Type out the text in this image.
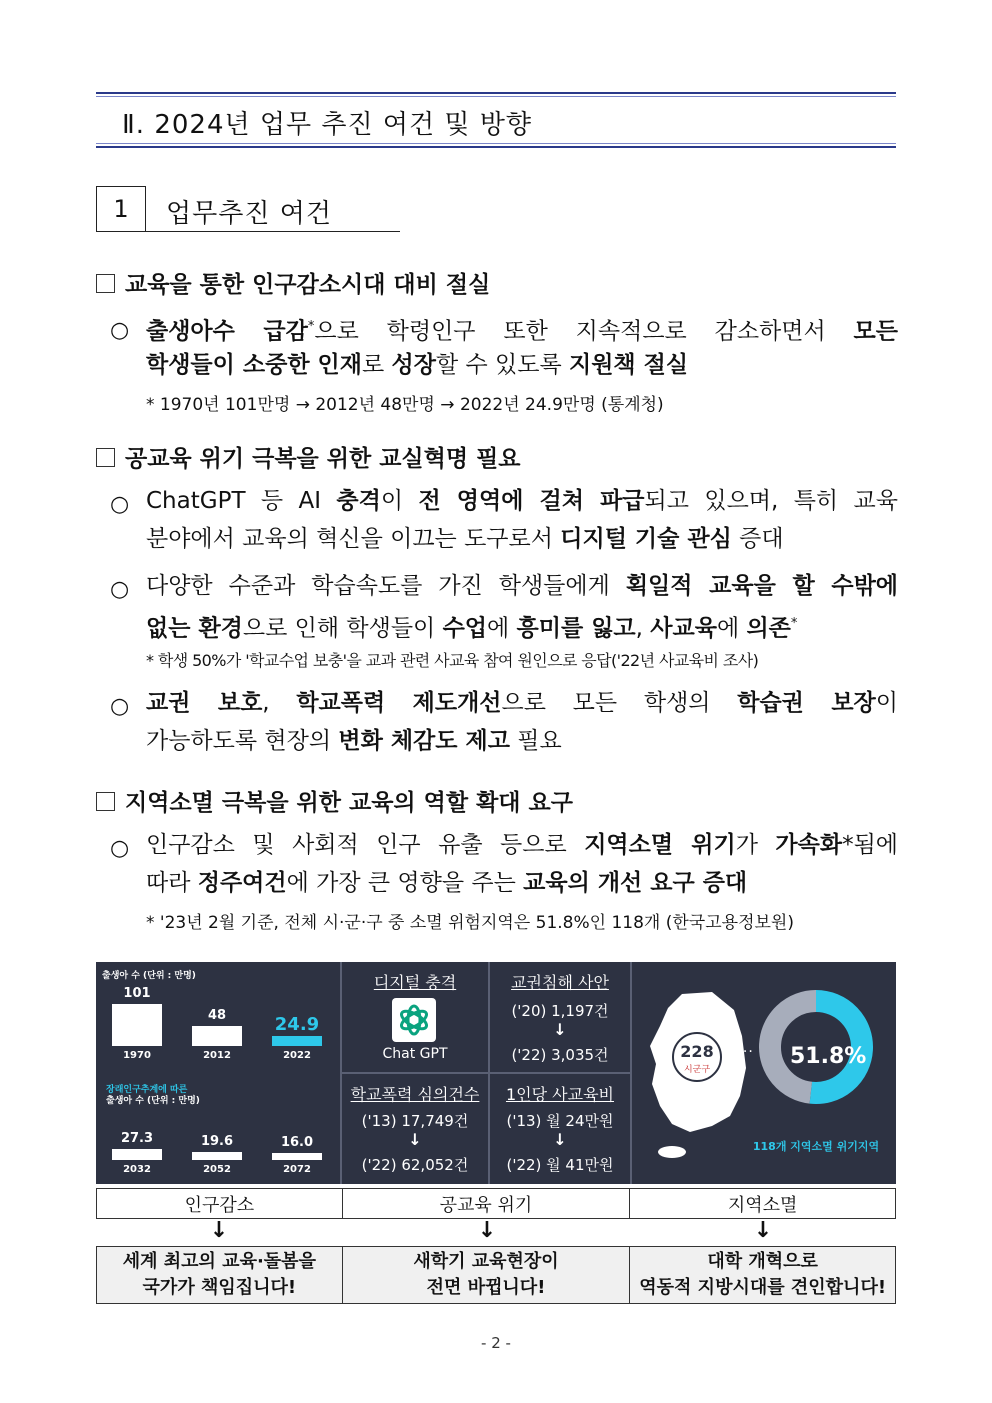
Ⅱ. 2024년 업무 추진 여건 및 방향
1	업무추진 여건
교육을 통한 인구감소시대 대비 절실
○ 출생아수 급감*으로 학령인구 또한 지속적으로 감소하면서 모든
학생들이 소중한 인재로 성장할 수 있도록 지원책 절실
* 1970년 101만명 → 2012년 48만명 → 2022년 24.9만명 (통계청)
공교육 위기 극복을 위한 교실혁명 필요
○ ChatGPT 등 AI 충격이 전 영역에 걸쳐 파급되고 있으며, 특히 교육
분야에서 교육의 혁신을 이끄는 도구로서 디지털 기술 관심 증대
○ 다양한 수준과 학습속도를 가진 학생들에게 획일적 교육을 할 수밖에
없는 환경으로 인해 학생들이 수업에 흥미를 잃고, 사교육에 의존*
* 학생 50%가 '학교수업 보충'을 교과 관련 사교육 참여 원인으로 응답('22년 사교육비 조사)
○ 교권 보호, 학교폭력 제도개선으로 모든 학생의 학습권 보장이
가능하도록 현장의 변화 체감도 제고 필요
지역소멸 극복을 위한 교육의 역할 확대 요구
○ 인구감소 및 사회적 인구 유출 등으로 지역소멸 위기가 가속화*됨에
따라 정주여건에 가장 큰 영향을 주는 교육의 개선 요구 증대
* '23년 2월 기준, 전체 시·군·구 중 소멸 위험지역은 51.8%인 118개 (한국고용정보원)
출생아 수 (단위 : 만명)
장래인구추계에 따른
출생아 수 (단위 : 만명)
디지털 충격
Chat GPT
교권침해 사안
('20) 1,197건
↓
('22) 3,035건
학교폭력 심의건수
('13) 17,749건
↓
('22) 62,052건
1인당 사교육비
('13) 월 24만원
↓
('22) 월 41만원
228
시군구
···· 51.8%
118개 지역소멸 위기지역
101
1970
48
2012
24.9
2022
27.3
2032
19.6
2052
16.0
2072
인구감소	공교육 위기	지역소멸
↓	↓	↓
세계 최고의 교육·돌봄을
국가가 책임집니다!

새학기 교육현장이
전면 바뀝니다!

대학 개혁으로
역동적 지방시대를 견인합니다!
- 2 -
